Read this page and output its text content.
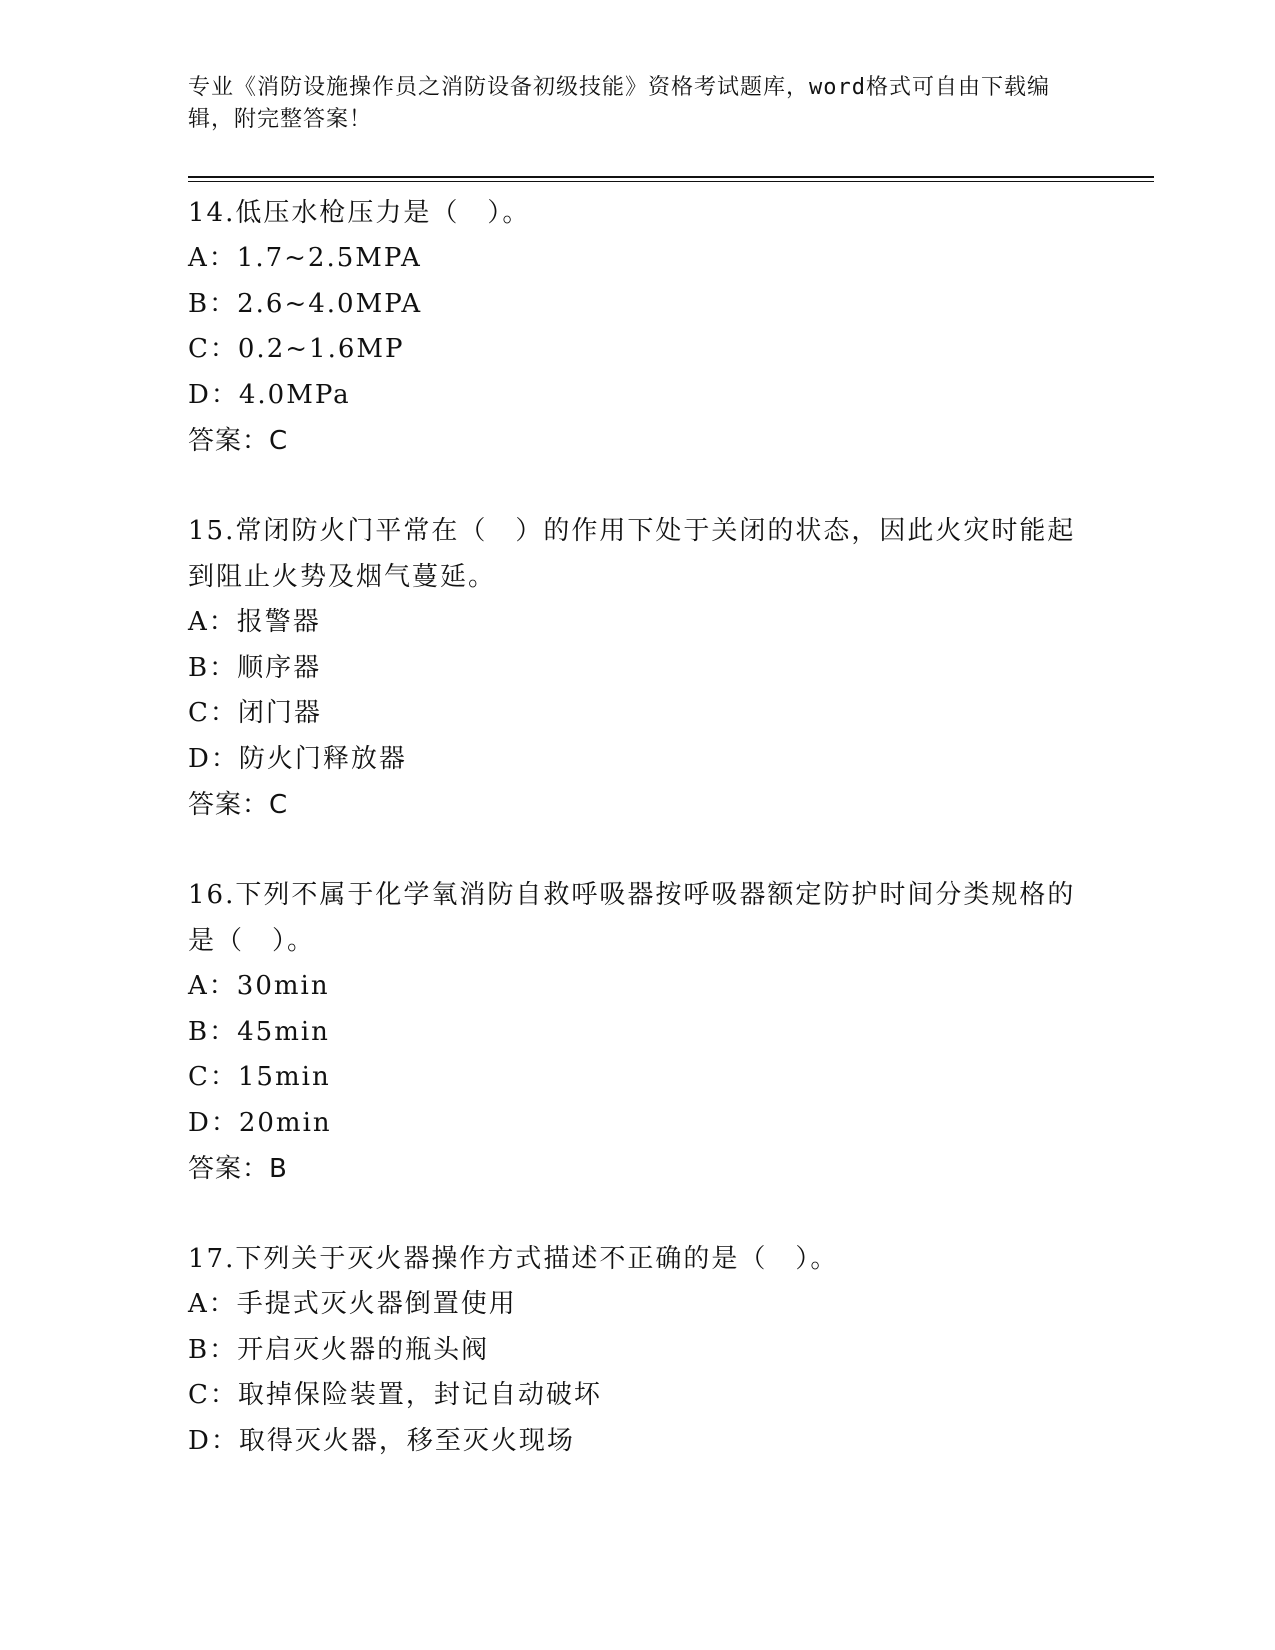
专业《消防设施操作员之消防设备初级技能》资格考试题库，word格式可自由下载编辑，附完整答案！
14.低压水枪压力是（　）。
A：1.7~2.5MPA
B：2.6~4.0MPA
C：0.2~1.6MP
D：4.0MPa
答案：C
15.常闭防火门平常在（　）的作用下处于关闭的状态，因此火灾时能起到阻止火势及烟气蔓延。
A：报警器
B：顺序器
C：闭门器
D：防火门释放器
答案：C
16.下列不属于化学氧消防自救呼吸器按呼吸器额定防护时间分类规格的是（　）。
A：30min
B：45min
C：15min
D：20min
答案：B
17.下列关于灭火器操作方式描述不正确的是（　）。
A：手提式灭火器倒置使用
B：开启灭火器的瓶头阀
C：取掉保险装置，封记自动破坏
D：取得灭火器，移至灭火现场
